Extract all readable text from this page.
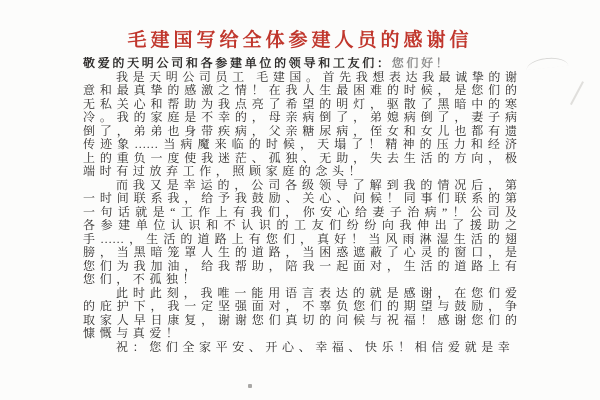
毛建国写给全体参建人员的感谢信
敬爱的天明公司和各参建单位的领导和工友们：您们好！
我是天明公司员工 毛建国。首先我想表达我最诚挚的谢
意和最真挚的感激之情！在我人生最困难的时候，是您们的
无私关心和帮助为我点亮了希望的明灯，驱散了黑暗中的寒
冷。我的家庭是不幸的，母亲病倒了，弟媳病倒了，妻子病
倒了，弟弟也身带疾病，父亲糖尿病，侄女和女儿也都有遗
传迹象……当病魔来临的时候，天塌了！精神的压力和经济
上的重负一度使我迷茫、孤独、无助，失去生活的方向，极
端时有过放弃工作，照顾家庭的念头！
而我又是幸运的，公司各级领导了解到我的情况后，第
一时间联系我，给予我鼓励、关心、问候！同事们联系的第
一句话就是“工作上有我们，你安心给妻子治病”！公司及
各参建单位认识和不认识的工友们纷纷向我伸出了援助之
手……，生活的道路上有您们，真好！当风雨淋湿生活的翅
膀，当黑暗笼罩人生的道路，当困惑遮蔽了心灵的窗口，是
您们为我加油，给我帮助，陪我一起面对，生活的道路上有
您们，不孤独！
此时此刻，我唯一能用语言表达的就是感谢，在您们爱
的庇护下，我一定坚强面对，不辜负您们的期望与鼓励，争
取家人早日康复，谢谢您们真切的问候与祝福！感谢您们的
慷慨与真爱！
祝：您们全家平安、开心、幸福、快乐！相信爱就是幸
